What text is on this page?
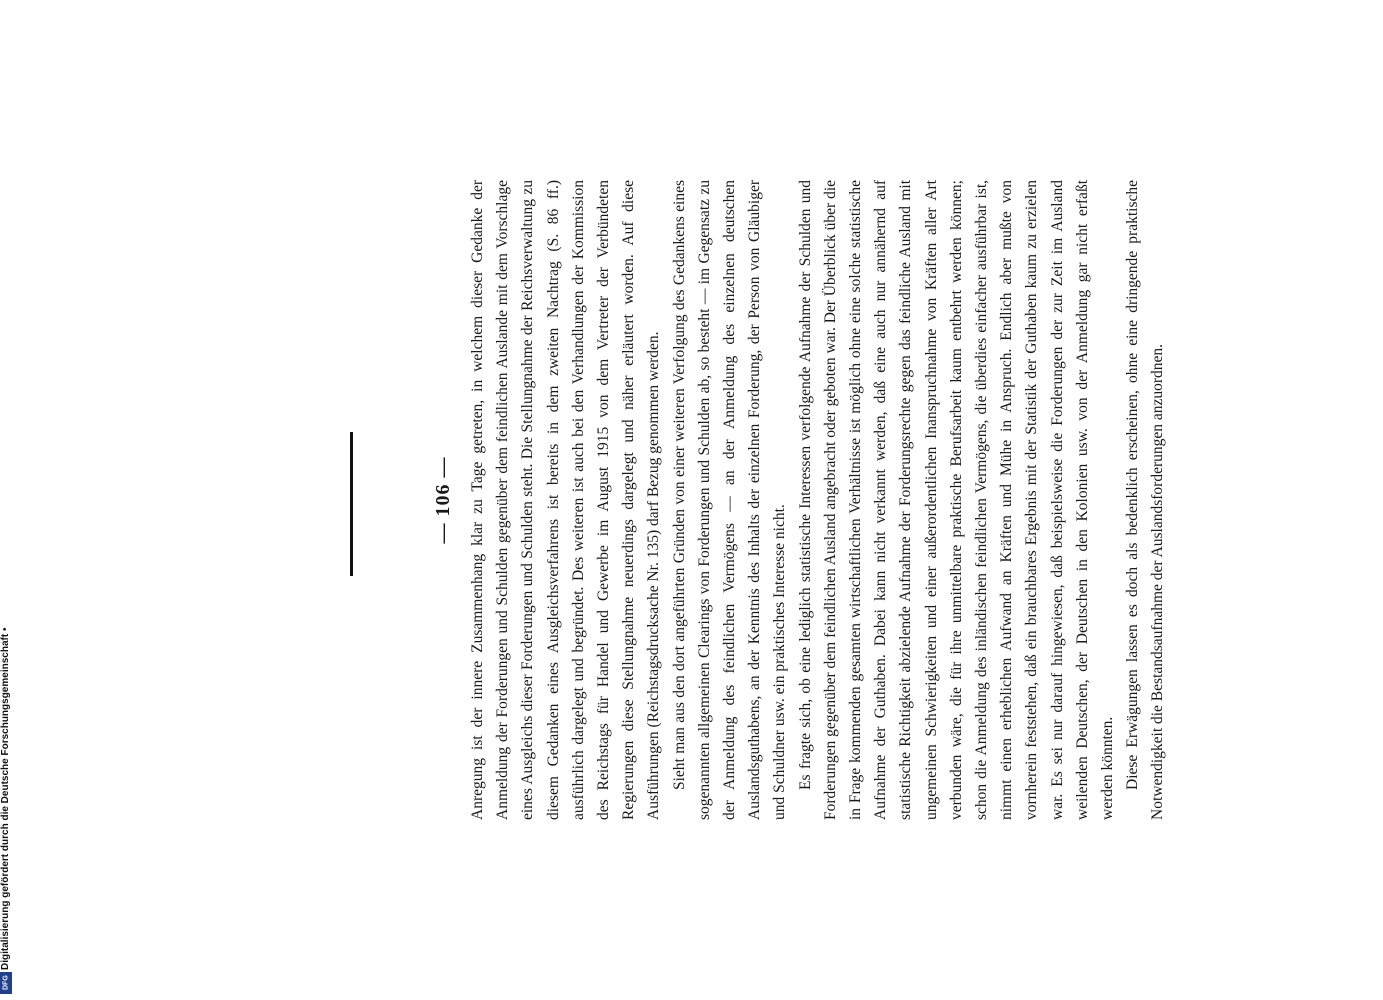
— 106 — Anregung ist der innere Zusammenhang klar zu Tage getreten, in welchem dieser Gedanke der Anmeldung der Forderungen und Schulden gegenüber dem feindlichen Auslande mit dem Vorschlage eines Ausgleichs dieser Forderungen und Schulden steht. Die Stellungnahme der Reichsverwaltung zu diesem Gedanken eines Ausgleichsverfahrens ist bereits in dem zweiten Nachtrag (S. 86 ff.) ausführlich dargelegt und begründet. Des weiteren ist auch bei den Verhandlungen der Kommission des Reichstags für Handel und Gewerbe im August 1915 von dem Vertreter der Verbündeten Regierungen diese Stellungnahme neuerdings dargelegt und näher erläutert worden. Auf diese Ausführungen (Reichstagsdrucksache Nr. 135) darf Bezug genommen werden. Sieht man aus den dort angeführten Gründen von einer weiteren Verfolgung des Gedankens eines sogenannten allgemeinen Clearings von Forderungen und Schulden ab, so besteht — im Gegensatz zu der Anmeldung des feindlichen Vermögens — an der Anmeldung des einzelnen deutschen Auslandsguthabens, an der Kenntnis des Inhalts der einzelnen Forderung, der Person von Gläubiger und Schuldner usw. ein praktisches Interesse nicht. Es fragte sich, ob eine lediglich statistische Interessen verfolgende Aufnahme der Schulden und Forderungen gegenüber dem feindlichen Ausland angebracht oder geboten war. Der Überblick über die in Frage kommenden gesamten wirtschaftlichen Verhältnisse ist möglich ohne eine solche statistische Aufnahme der Guthaben. Dabei kann nicht verkannt werden, daß eine auch nur annähernd auf statistische Richtigkeit abzielende Aufnahme der Forderungsrechte gegen das feindliche Ausland mit ungemeinen Schwierigkeiten und einer außerordentlichen Inanspruchnahme von Kräften aller Art verbunden wäre, die für ihre unmittelbare praktische Berufsarbeit kaum entbehrt werden können; schon die Anmeldung des inländischen feindlichen Vermögens, die überdies einfacher ausführbar ist, nimmt einen erheblichen Aufwand an Kräften und Mühe in Anspruch. Endlich aber mußte von vornherein feststehen, daß ein brauchbares Ergebnis mit der Statistik der Guthaben kaum zu erzielen war. Es sei nur darauf hingewiesen, daß beispielsweise die Forderungen der zur Zeit im Ausland weilenden Deutschen, der Deutschen in den Kolonien usw. von der Anmeldung gar nicht erfaßt werden könnten. Diese Erwägungen lassen es doch als bedenklich erscheinen, ohne eine dringende praktische Notwendigkeit die Bestandsaufnahme der Auslandsforderungen anzuordnen.

Digitalisierung gefördert durch die Deutsche Forschungsgemeinschaft •
DFG
